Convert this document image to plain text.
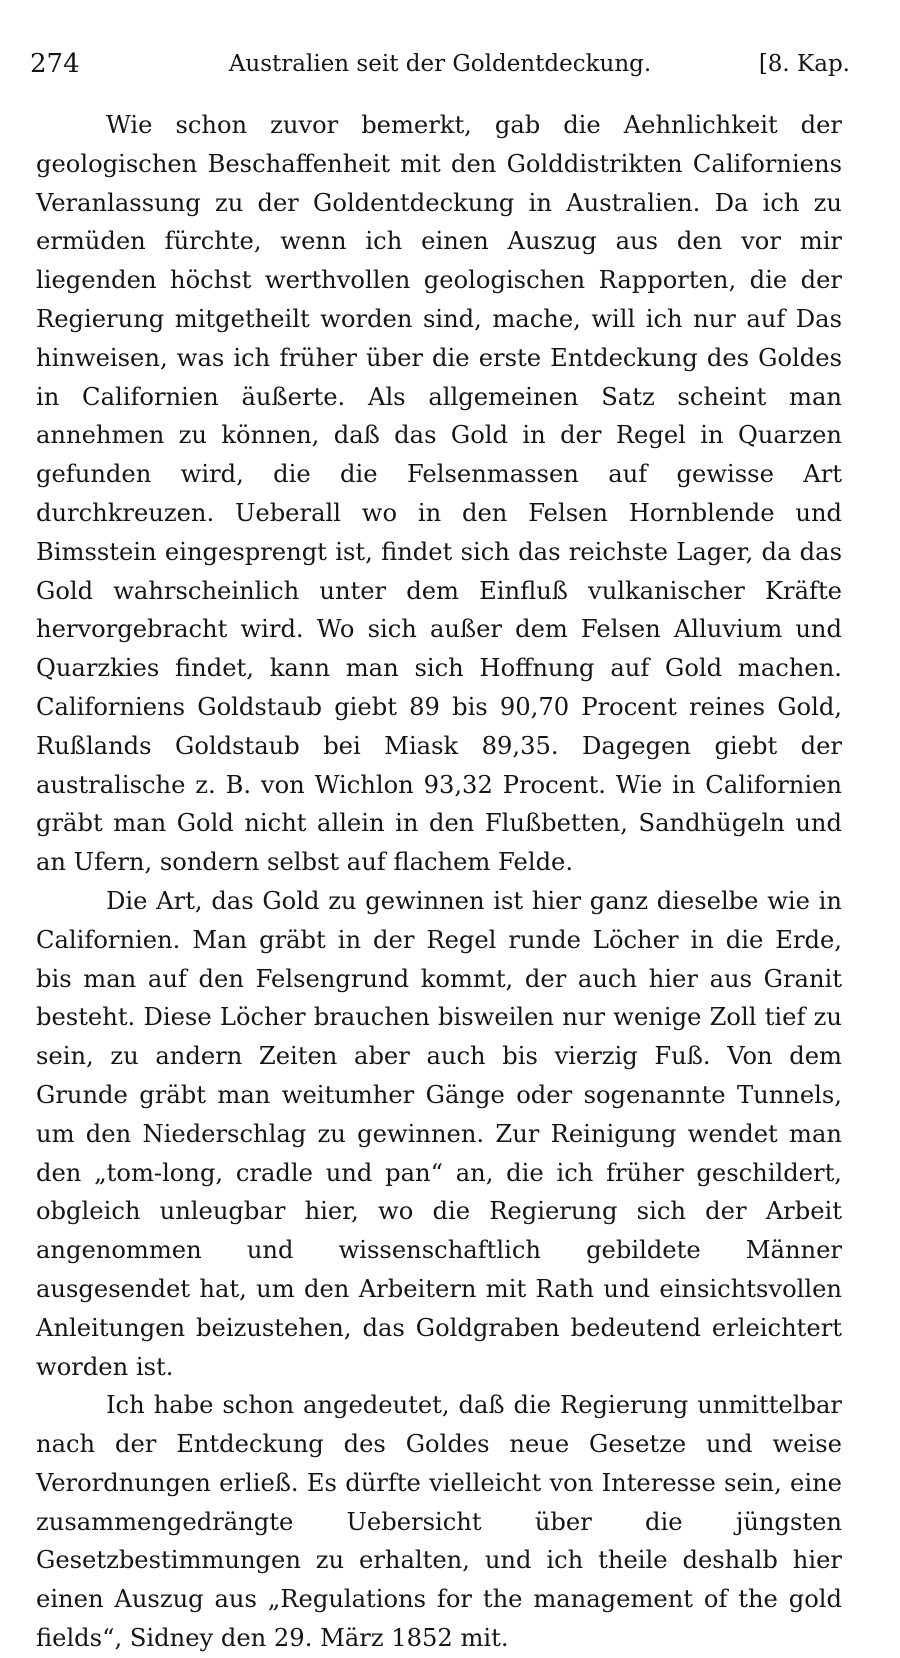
274	Australien seit der Goldentdeckung.	[8. Kap.

Wie schon zuvor bemerkt, gab die Aehnlichkeit der geologischen Beschaffenheit mit den Golddistrikten Californiens Veranlassung zu der Goldentdeckung in Australien. Da ich zu ermüden fürchte, wenn ich einen Auszug aus den vor mir liegenden höchst werthvollen geologischen Rapporten, die der Regierung mitgetheilt worden sind, mache, will ich nur auf Das hinweisen, was ich früher über die erste Entdeckung des Goldes in Californien äußerte. Als allgemeinen Satz scheint man annehmen zu können, daß das Gold in der Regel in Quarzen gefunden wird, die die Felsenmassen auf gewisse Art durchkreuzen. Ueberall wo in den Felsen Hornblende und Bimsstein eingesprengt ist, findet sich das reichste Lager, da das Gold wahrscheinlich unter dem Einfluß vulkanischer Kräfte hervorgebracht wird. Wo sich außer dem Felsen Alluvium und Quarzkies findet, kann man sich Hoffnung auf Gold machen. Californiens Goldstaub giebt 89 bis 90,70 Procent reines Gold, Rußlands Goldstaub bei Miask 89,35. Dagegen giebt der australische z. B. von Wichlon 93,32 Procent. Wie in Californien gräbt man Gold nicht allein in den Flußbetten, Sandhügeln und an Ufern, sondern selbst auf flachem Felde.

Die Art, das Gold zu gewinnen ist hier ganz dieselbe wie in Californien. Man gräbt in der Regel runde Löcher in die Erde, bis man auf den Felsengrund kommt, der auch hier aus Granit besteht. Diese Löcher brauchen bisweilen nur wenige Zoll tief zu sein, zu andern Zeiten aber auch bis vierzig Fuß. Von dem Grunde gräbt man weitumher Gänge oder sogenannte Tunnels, um den Niederschlag zu gewinnen. Zur Reinigung wendet man den „tom-long, cradle und pan“ an, die ich früher geschildert, obgleich unleugbar hier, wo die Regierung sich der Arbeit angenommen und wissenschaftlich gebildete Männer ausgesendet hat, um den Arbeitern mit Rath und einsichtsvollen Anleitungen beizustehen, das Goldgraben bedeutend erleichtert worden ist.

Ich habe schon angedeutet, daß die Regierung unmittelbar nach der Entdeckung des Goldes neue Gesetze und weise Verordnungen erließ. Es dürfte vielleicht von Interesse sein, eine zusammengedrängte Uebersicht über die jüngsten Gesetzbestimmungen zu erhalten, und ich theile deshalb hier einen Auszug aus „Regulations for the management of the gold fields“, Sidney den 29. März 1852 mit.
